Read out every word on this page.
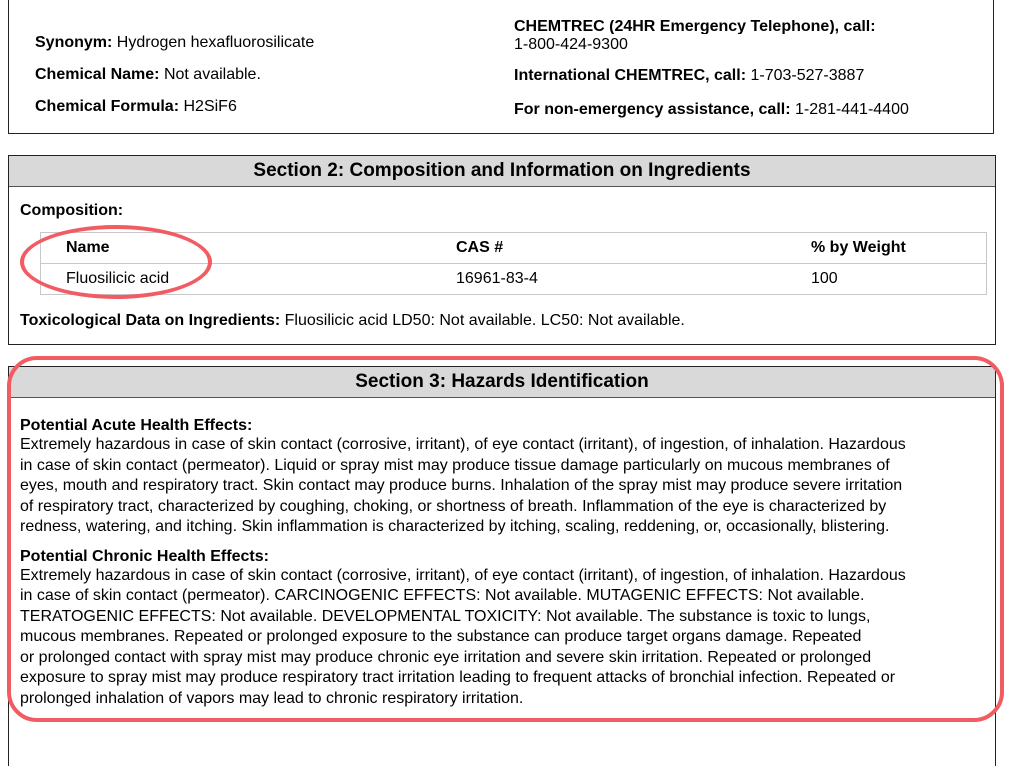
Synonym: Hydrogen hexafluorosilicate
Chemical Name: Not available.
Chemical Formula: H2SiF6
CHEMTREC (24HR Emergency Telephone), call:
1-800-424-9300
International CHEMTREC, call: 1-703-527-3887
For non-emergency assistance, call: 1-281-441-4400
Section 2: Composition and Information on Ingredients
Composition:
Name	CAS #	% by Weight
Fluosilicic acid	16961-83-4	100
Toxicological Data on Ingredients: Fluosilicic acid LD50: Not available. LC50: Not available.
Section 3: Hazards Identification
Potential Acute Health Effects:
Extremely hazardous in case of skin contact (corrosive, irritant), of eye contact (irritant), of ingestion, of inhalation. Hazardous
in case of skin contact (permeator). Liquid or spray mist may produce tissue damage particularly on mucous membranes of
eyes, mouth and respiratory tract. Skin contact may produce burns. Inhalation of the spray mist may produce severe irritation
of respiratory tract, characterized by coughing, choking, or shortness of breath. Inflammation of the eye is characterized by
redness, watering, and itching. Skin inflammation is characterized by itching, scaling, reddening, or, occasionally, blistering.
Potential Chronic Health Effects:
Extremely hazardous in case of skin contact (corrosive, irritant), of eye contact (irritant), of ingestion, of inhalation. Hazardous
in case of skin contact (permeator). CARCINOGENIC EFFECTS: Not available. MUTAGENIC EFFECTS: Not available.
TERATOGENIC EFFECTS: Not available. DEVELOPMENTAL TOXICITY: Not available. The substance is toxic to lungs,
mucous membranes. Repeated or prolonged exposure to the substance can produce target organs damage. Repeated
or prolonged contact with spray mist may produce chronic eye irritation and severe skin irritation. Repeated or prolonged
exposure to spray mist may produce respiratory tract irritation leading to frequent attacks of bronchial infection. Repeated or
prolonged inhalation of vapors may lead to chronic respiratory irritation.
